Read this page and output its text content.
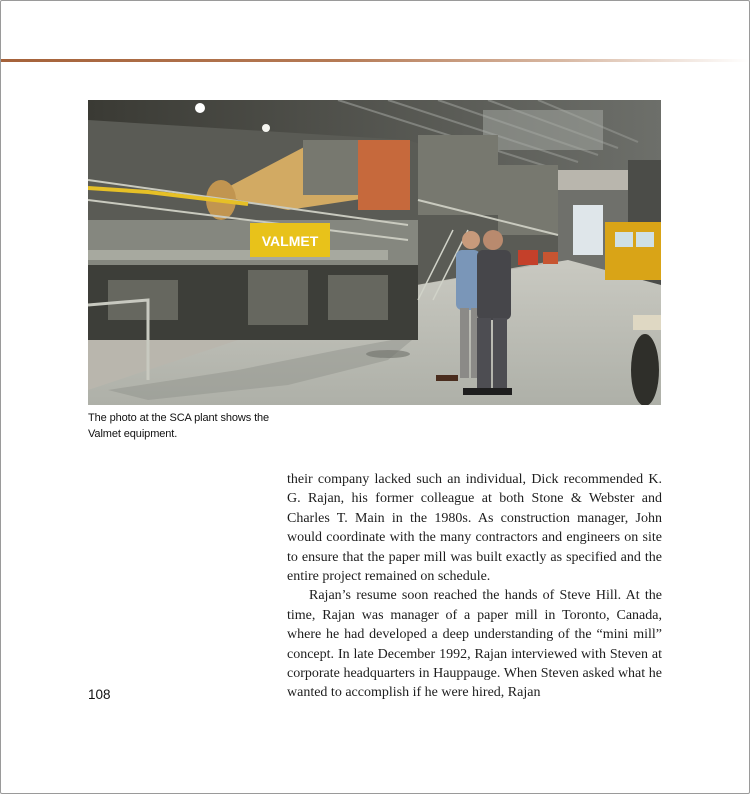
VALMET
The photo at the SCA plant shows the
Valmet equipment.

their company lacked such an individual, Dick recommended K. G. Rajan, his former colleague at both Stone & Webster and Charles T. Main in the 1980s. As construction manager, John would coordinate with the many contractors and engineers on site to ensure that the paper mill was built exactly as specified and the entire project remained on schedule.

Rajan’s resume soon reached the hands of Steve Hill. At the time, Rajan was manager of a paper mill in Toronto, Canada, where he had developed a deep understanding of the “mini mill” concept. In late December 1992, Rajan interviewed with Steven at corporate headquarters in Hauppauge. When Steven asked what he wanted to accomplish if he were hired, Rajan

108
